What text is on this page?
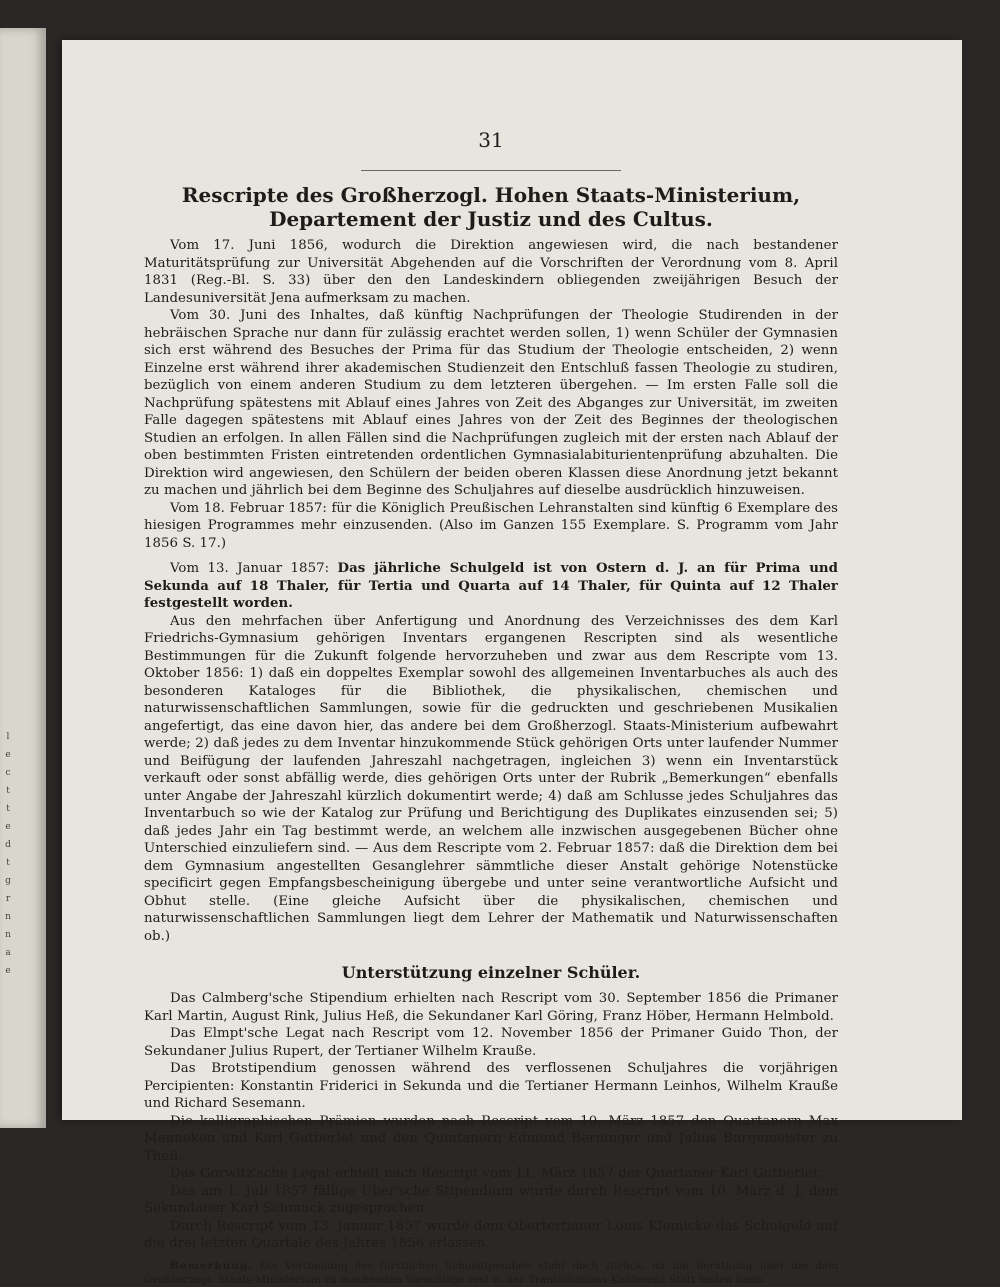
l
e
c
t
t
e
d
t
g
r
n
n
a
e
31
Rescripte des Großherzogl. Hohen Staats-Ministerium, Departement der Justiz und des Cultus.

Vom 17. Juni 1856, wodurch die Direktion angewiesen wird, die nach bestandener Maturitätsprüfung zur Universität Abgehenden auf die Vorschriften der Verordnung vom 8. April 1831 (Reg.-Bl. S. 33) über den den Landeskindern obliegenden zweijährigen Besuch der Landesuniversität Jena aufmerksam zu machen.

Vom 30. Juni des Inhaltes, daß künftig Nachprüfungen der Theologie Studirenden in der hebräischen Sprache nur dann für zulässig erachtet werden sollen, 1) wenn Schüler der Gymnasien sich erst während des Besuches der Prima für das Studium der Theologie entscheiden, 2) wenn Einzelne erst während ihrer akademischen Studienzeit den Entschluß fassen Theologie zu studiren, bezüglich von einem anderen Studium zu dem letzteren übergehen. — Im ersten Falle soll die Nachprüfung spätestens mit Ablauf eines Jahres von Zeit des Abganges zur Universität, im zweiten Falle dagegen spätestens mit Ablauf eines Jahres von der Zeit des Beginnes der theologischen Studien an erfolgen. In allen Fällen sind die Nachprüfungen zugleich mit der ersten nach Ablauf der oben bestimmten Fristen eintretenden ordentlichen Gymnasialabiturientenprüfung abzuhalten. Die Direktion wird angewiesen, den Schülern der beiden oberen Klassen diese Anordnung jetzt bekannt zu machen und jährlich bei dem Beginne des Schuljahres auf dieselbe ausdrücklich hinzuweisen.

Vom 18. Februar 1857: für die Königlich Preußischen Lehranstalten sind künftig 6 Exemplare des hiesigen Programmes mehr einzusenden. (Also im Ganzen 155 Exemplare. S. Programm vom Jahr 1856 S. 17.)

Vom 13. Januar 1857: Das jährliche Schulgeld ist von Ostern d. J. an für Prima und Sekunda auf 18 Thaler, für Tertia und Quarta auf 14 Thaler, für Quinta auf 12 Thaler festgestellt worden.

Aus den mehrfachen über Anfertigung und Anordnung des Verzeichnisses des dem Karl Friedrichs-Gymnasium gehörigen Inventars ergangenen Rescripten sind als wesentliche Bestimmungen für die Zukunft folgende hervorzuheben und zwar aus dem Rescripte vom 13. Oktober 1856: 1) daß ein doppeltes Exemplar sowohl des allgemeinen Inventarbuches als auch des besonderen Kataloges für die Bibliothek, die physikalischen, chemischen und naturwissenschaftlichen Sammlungen, sowie für die gedruckten und geschriebenen Musikalien angefertigt, das eine davon hier, das andere bei dem Großherzogl. Staats-Ministerium aufbewahrt werde; 2) daß jedes zu dem Inventar hinzukommende Stück gehörigen Orts unter laufender Nummer und Beifügung der laufenden Jahreszahl nachgetragen, ingleichen 3) wenn ein Inventarstück verkauft oder sonst abfällig werde, dies gehörigen Orts unter der Rubrik „Bemerkungen“ ebenfalls unter Angabe der Jahreszahl kürzlich dokumentirt werde; 4) daß am Schlusse jedes Schuljahres das Inventarbuch so wie der Katalog zur Prüfung und Berichtigung des Duplikates einzusenden sei; 5) daß jedes Jahr ein Tag bestimmt werde, an welchem alle inzwischen ausgegebenen Bücher ohne Unterschied einzuliefern sind. — Aus dem Rescripte vom 2. Februar 1857: daß die Direktion dem bei dem Gymnasium angestellten Gesanglehrer sämmtliche dieser Anstalt gehörige Notenstücke specificirt gegen Empfangsbescheinigung übergebe und unter seine verantwortliche Aufsicht und Obhut stelle. (Eine gleiche Aufsicht über die physikalischen, chemischen und naturwissenschaftlichen Sammlungen liegt dem Lehrer der Mathematik und Naturwissenschaften ob.)

Unterstützung einzelner Schüler.

Das Calmberg'sche Stipendium erhielten nach Rescript vom 30. September 1856 die Primaner Karl Martin, August Rink, Julius Heß, die Sekundaner Karl Göring, Franz Höber, Hermann Helmbold.

Das Elmpt'sche Legat nach Rescript vom 12. November 1856 der Primaner Guido Thon, der Sekundaner Julius Rupert, der Tertianer Wilhelm Kraußе.

Das Brotstipendium genossen während des verflossenen Schuljahres die vorjährigen Percipienten: Konstantin Friderici in Sekunda und die Tertianer Hermann Leinhos, Wilhelm Krauße und Richard Sesemann.

Die kalligraphischen Prämien wurden nach Rescript vom 10. März 1857 den Quartanern Max Menneken und Karl Gutberlet und den Quintanern Edmund Berninger und Julius Burgemeister zu Theil.

Das Görwitz'sche Legat erhielt nach Rescript vom 11. März 1857 der Quartaner Karl Gutberlet.

Das am 1. Juli 1857 fällige Uber'sche Stipendium wurde durch Rescript vom 10. März d. J. dem Sekundaner Karl Schmuck zugesprochen.

Durch Rescript vom 13. Januar 1857 wurde dem Obertertianer Louis Kleinicke das Schulgeld auf die drei letzten Quartale des Jahres 1856 erlassen.

Bemerkung. Die Vertheilung der fürstlichen Schulstipendien steht doch zurück, da die Berathung über die dem Großherzogl. Staats-Ministerium zu machenden Vorschläge erst in der Translokations-Konferenz Statt finden kann.
